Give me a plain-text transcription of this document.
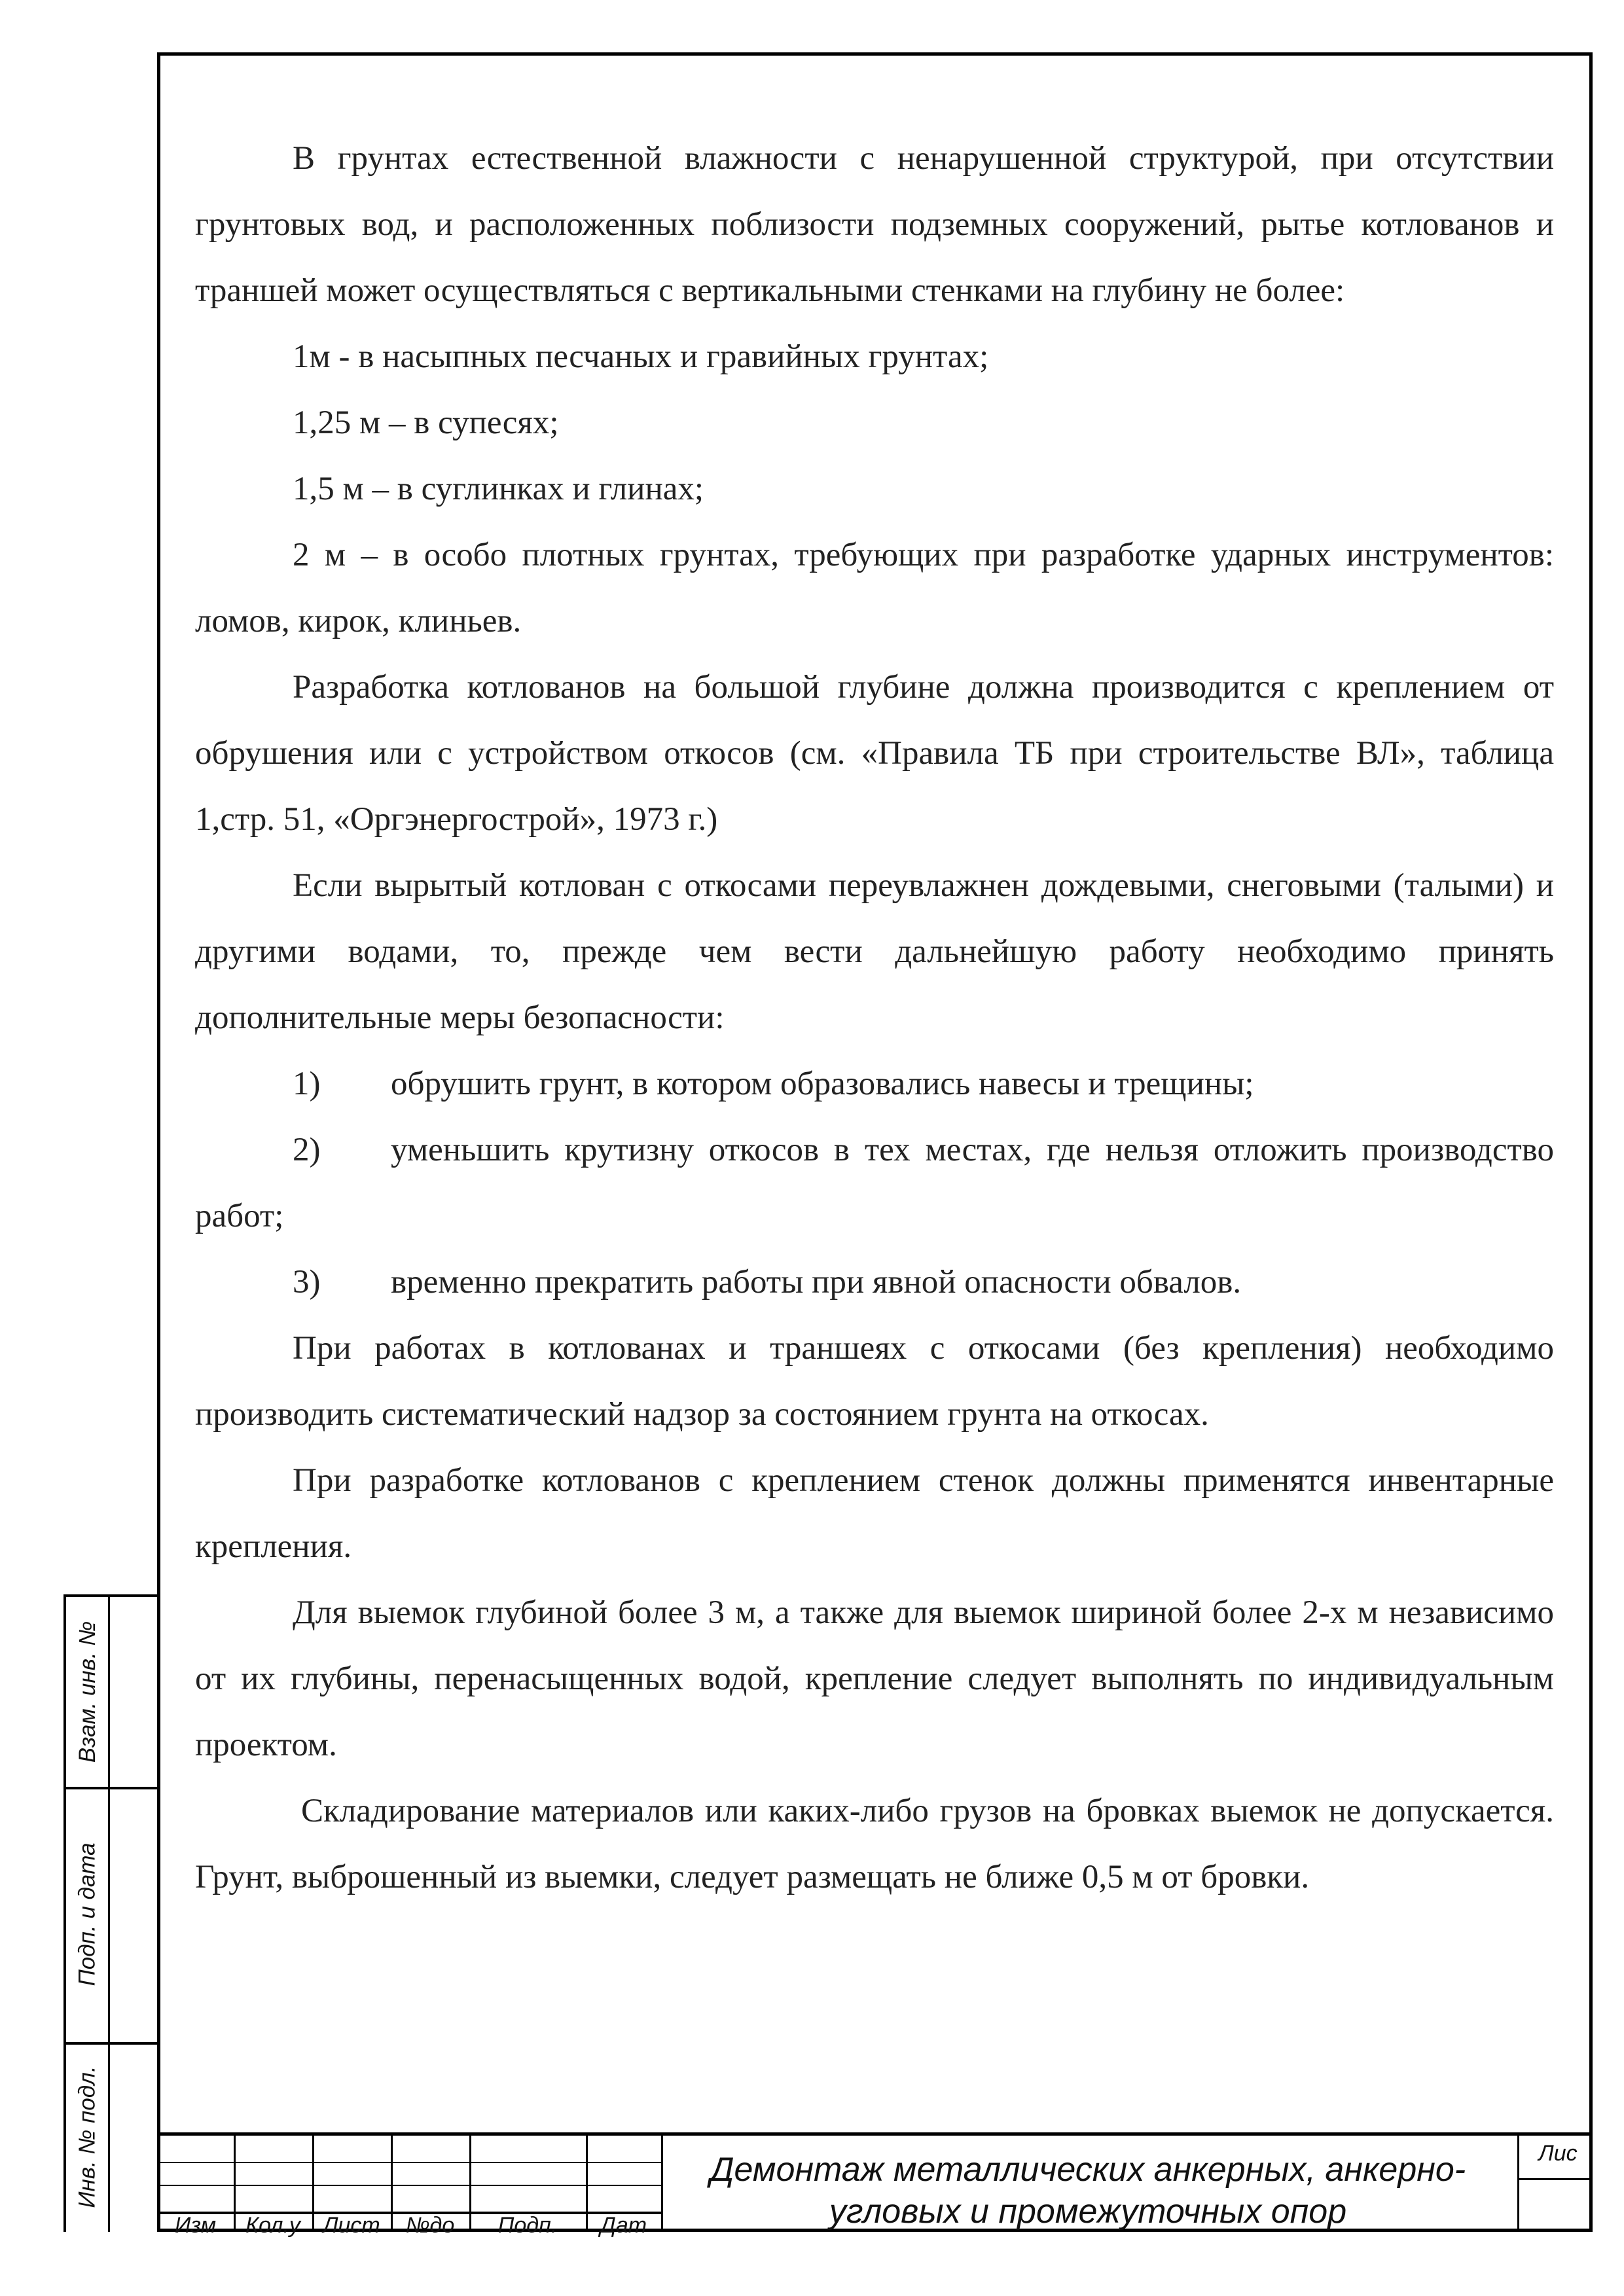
В грунтах естественной влажности с ненарушенной структурой, при отсутствии грунтовых вод, и расположенных поблизости подземных сооружений, рытье котлованов и траншей может осуществляться с вертикальными стенками на глубину не более:

1м - в насыпных песчаных и гравийных грунтах;

1,25 м – в супесях;

1,5 м – в суглинках и глинах;

2 м – в особо плотных грунтах, требующих при разработке ударных инструментов: ломов, кирок, клиньев.

Разработка котлованов на большой глубине должна производится с креплением от обрушения или с устройством откосов (см. «Правила ТБ при строительстве ВЛ», таблица 1,стр. 51, «Оргэнергострой», 1973 г.)

Если вырытый котлован с откосами переувлажнен дождевыми, снеговыми (талыми) и другими водами, то, прежде чем вести дальнейшую работу необходимо принять дополнительные меры безопасности:

1) обрушить грунт, в котором образовались навесы и трещины;

2) уменьшить крутизну откосов в тех местах, где нельзя отложить производство работ;

3) временно прекратить работы при явной опасности обвалов.

При работах в котлованах и траншеях с откосами (без крепления) необходимо производить систематический надзор за состоянием грунта на откосах.

При разработке котлованов с креплением стенок должны применятся инвентарные крепления.

Для выемок глубиной более 3 м, а также для выемок шириной более 2-х м независимо от их глубины, перенасыщенных водой, крепление следует выполнять по индивидуальным проектом.

Складирование материалов или каких-либо грузов на бровках выемок не допускается. Грунт, выброшенный из выемки, следует размещать не ближе 0,5 м от бровки.

Взам. инв. №
Подп. и дата
Инв. № подл.
Изм	Кол.у	Лист	№до	Подп.	Дат
Демонтаж металлических анкерных, анкерно-
угловых и промежуточных опор
Лис
